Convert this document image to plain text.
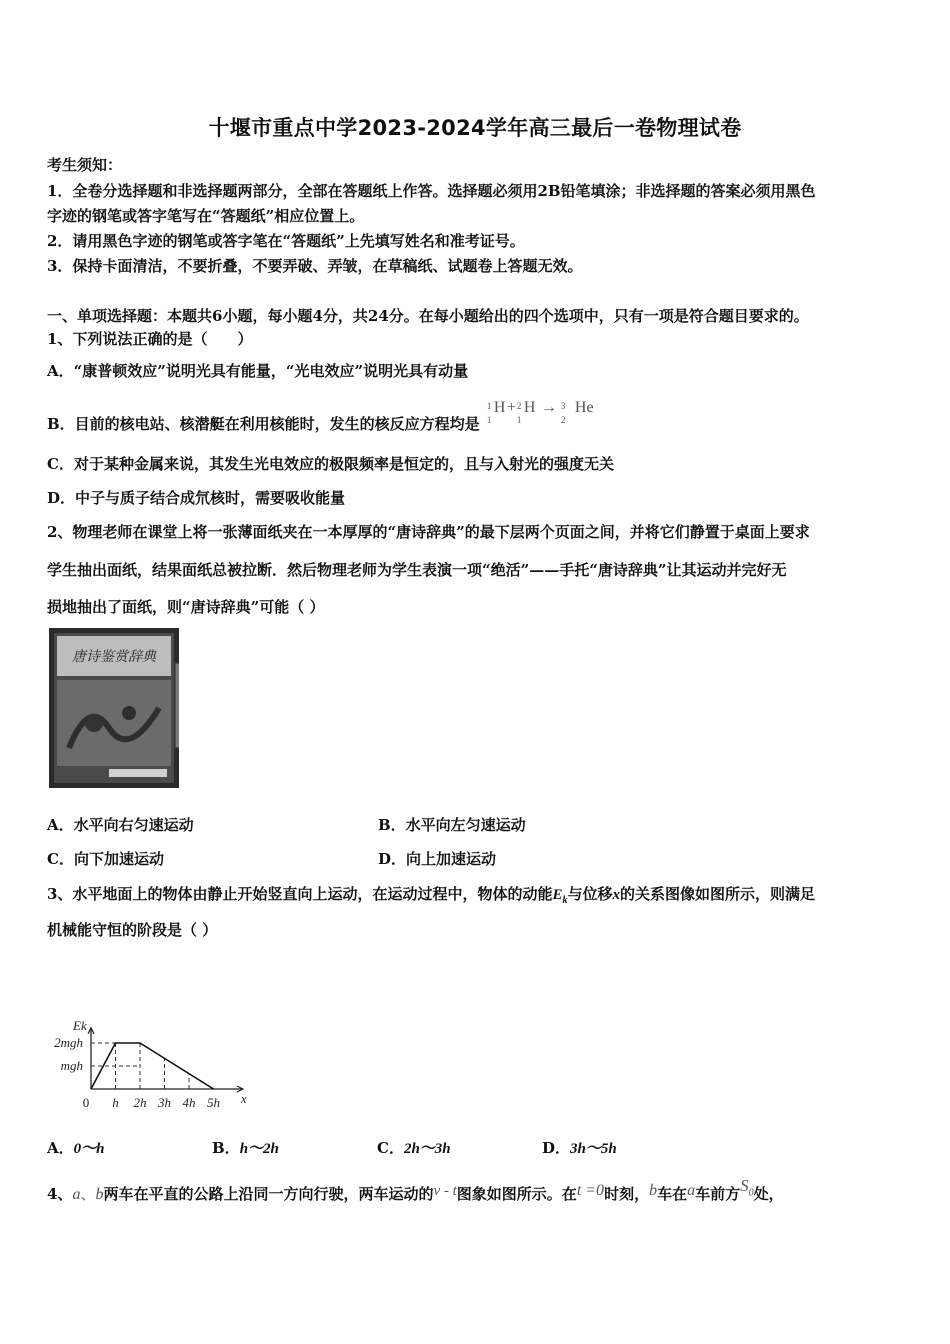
十堰市重点中学2023-2024学年高三最后一卷物理试卷
考生须知：
1．全卷分选择题和非选择题两部分，全部在答题纸上作答。选择题必须用2B铅笔填涂；非选择题的答案必须用黑色
字迹的钢笔或答字笔写在“答题纸”相应位置上。
2．请用黑色字迹的钢笔或答字笔在“答题纸”上先填写姓名和准考证号。
3．保持卡面清洁，不要折叠，不要弄破、弄皱，在草稿纸、试题卷上答题无效。
一、单项选择题：本题共6小题，每小题4分，共24分。在每小题给出的四个选项中，只有一项是符合题目要求的。
1、下列说法正确的是（　　）
A．“康普顿效应”说明光具有能量，“光电效应”说明光具有动量
B．目前的核电站、核潜艇在利用核能时，发生的核反应方程均是
1
1
H + 2
1
H → 3
2
He
C．对于某种金属来说，其发生光电效应的极限频率是恒定的，且与入射光的强度无关
D．中子与质子结合成氘核时，需要吸收能量
2、物理老师在课堂上将一张薄面纸夹在一本厚厚的“唐诗辞典”的最下层两个页面之间，并将它们静置于桌面上要求
学生抽出面纸，结果面纸总被拉断．然后物理老师为学生表演一项“绝活”——手托“唐诗辞典”让其运动并完好无
损地抽出了面纸，则“唐诗辞典”可能（ ）
唐诗鉴赏辞典
A．水平向右匀速运动	B．水平向左匀速运动
C．向下加速运动	D．向上加速运动
3、水平地面上的物体由静止开始竖直向上运动，在运动过程中，物体的动能$E_k$与位移x的关系图像如图所示，则满足
机械能守恒的阶段是（ ）
0 h 2h 3h 4h 5h
mgh
2mgh
x
Ek
A．0～h	B．h～2h	C．2h～3h	D．3h～5h
4、a、b两车在平直的公路上沿同一方向行驶，两车运动的v - t图象如图所示。在t =0时刻，b车在a车前方$S_0$处，
